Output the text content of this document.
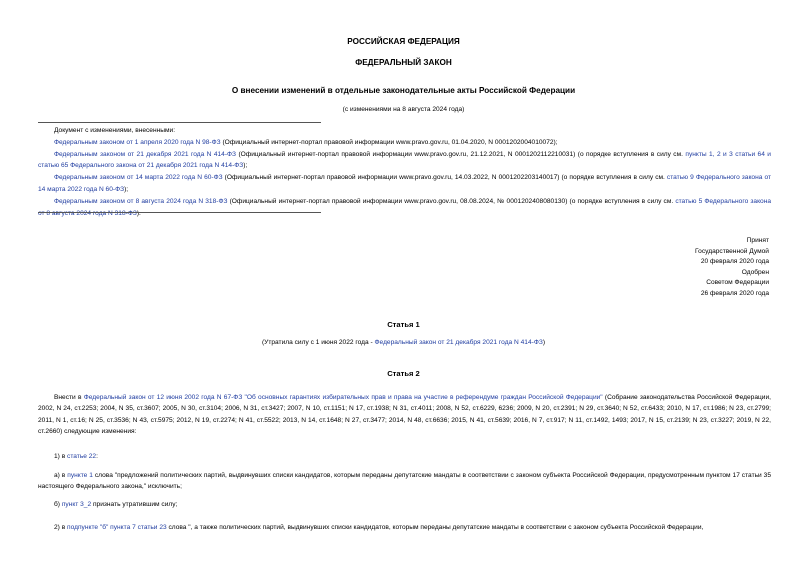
РОССИЙСКАЯ ФЕДЕРАЦИЯ
ФЕДЕРАЛЬНЫЙ ЗАКОН
О внесении изменений в отдельные законодательные акты Российской Федерации
(с изменениями на 8 августа 2024 года)

Документ с изменениями, внесенными:

Федеральным законом от 1 апреля 2020 года N 98-ФЗ (Официальный интернет-портал правовой информации www.pravo.gov.ru, 01.04.2020, N 0001202004010072);

Федеральным законом от 21 декабря 2021 года N 414-ФЗ (Официальный интернет-портал правовой информации www.pravo.gov.ru, 21.12.2021, N 0001202112210031) (о порядке вступления в силу см. пункты 1, 2 и 3 статьи 64 и статью 65 Федерального закона от 21 декабря 2021 года N 414-ФЗ);

Федеральным законом от 14 марта 2022 года N 60-ФЗ (Официальный интернет-портал правовой информации www.pravo.gov.ru, 14.03.2022, N 0001202203140017) (о порядке вступления в силу см. статью 9 Федерального закона от 14 марта 2022 года N 60-ФЗ);

Федеральным законом от 8 августа 2024 года N 318-ФЗ (Официальный интернет-портал правовой информации www.pravo.gov.ru, 08.08.2024, № 0001202408080130) (о порядке вступления в силу см. статью 5 Федерального закона от 8 августа 2024 года N 318-ФЗ).

Принят
Государственной Думой
20 февраля 2020 года
Одобрен
Советом Федерации
26 февраля 2020 года
Статья 1
(Утратила силу с 1 июня 2022 года - Федеральный закон от 21 декабря 2021 года N 414-ФЗ)
Статья 2
Внести в Федеральный закон от 12 июня 2002 года N 67-ФЗ "Об основных гарантиях избирательных прав и права на участие в референдуме граждан Российской Федерации" (Собрание законодательства Российской Федерации, 2002, N 24, ст.2253; 2004, N 35, ст.3607; 2005, N 30, ст.3104; 2006, N 31, ст.3427; 2007, N 10, ст.1151; N 17, ст.1938; N 31, ст.4011; 2008, N 52, ст.6229, 6236; 2009, N 20, ст.2391; N 29, ст.3640; N 52, ст.6433; 2010, N 17, ст.1986; N 23, ст.2799; 2011, N 1, ст.16; N 25, ст.3536; N 43, ст.5975; 2012, N 19, ст.2274; N 41, ст.5522; 2013, N 14, ст.1648; N 27, ст.3477; 2014, N 48, ст.6636; 2015, N 41, ст.5639; 2016, N 7, ст.917; N 11, ст.1492, 1493; 2017, N 15, ст.2139; N 23, ст.3227; 2019, N 22, ст.2660) следующие изменения:
1) в статье 22:
а) в пункте 1 слова "предложений политических партий, выдвинувших списки кандидатов, которым переданы депутатские мандаты в соответствии с законом субъекта Российской Федерации, предусмотренным пунктом 17 статьи 35 настоящего Федерального закона," исключить;
б) пункт 3_2 признать утратившим силу;
2) в подпункте "б" пункта 7 статьи 23 слова ", а также политических партий, выдвинувших списки кандидатов, которым переданы депутатские мандаты в соответствии с законом субъекта Российской Федерации,
